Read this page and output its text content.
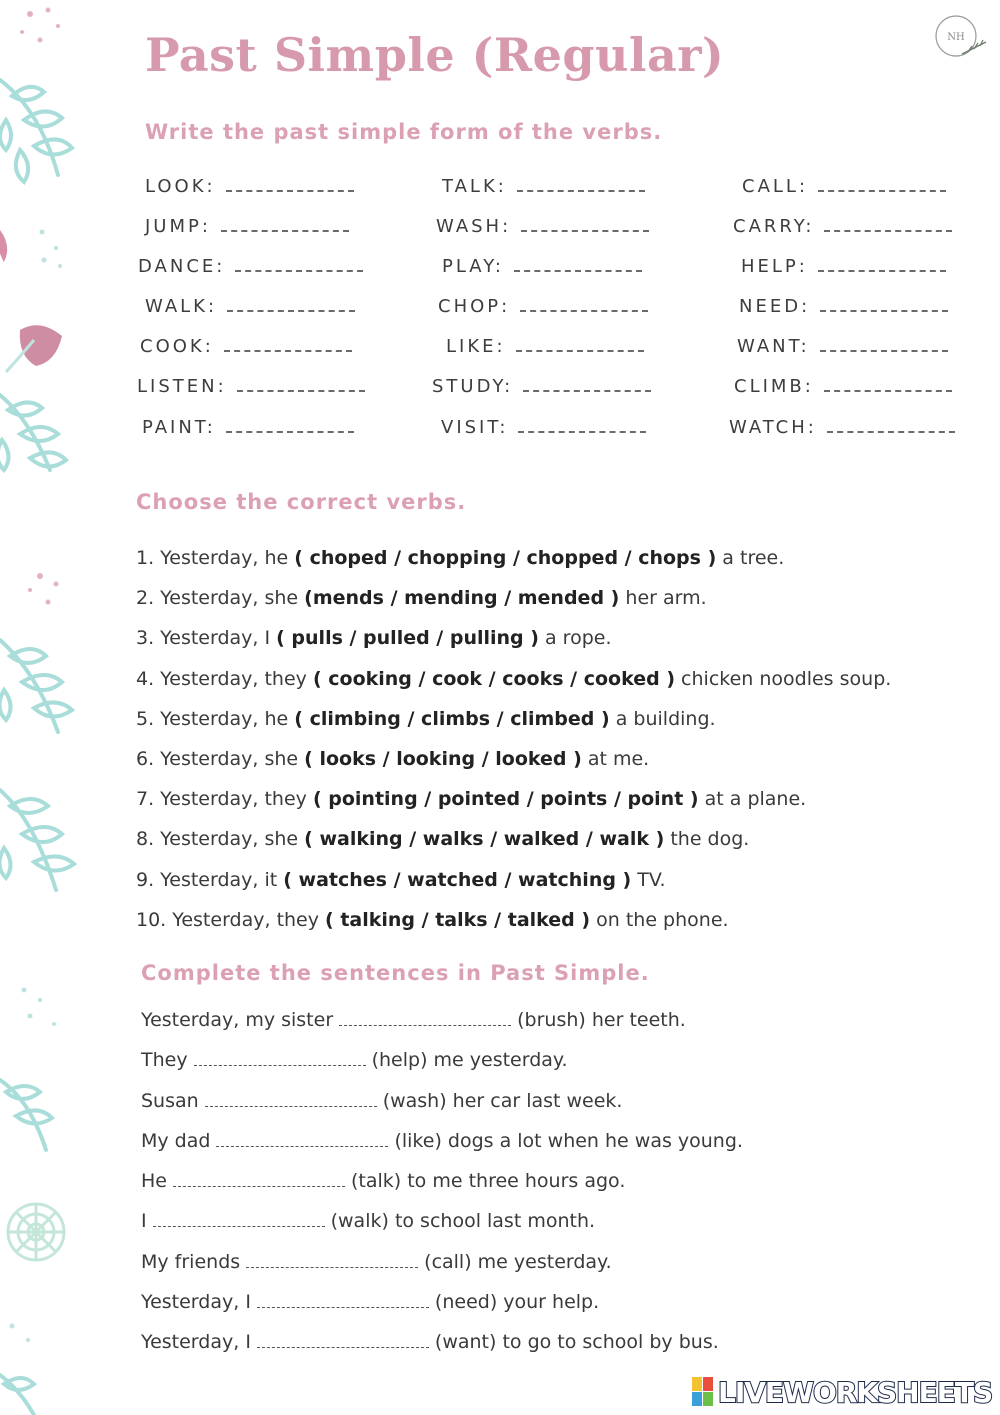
Past Simple (Regular)	NH
Write the past simple form of the verbs.
LOOK:	TALK:	CALL:
JUMP:	WASH:	CARRY:
DANCE:	PLAY:	HELP:
WALK:	CHOP:	NEED:
COOK:	LIKE:	WANT:
LISTEN:	STUDY:	CLIMB:
PAINT:	VISIT:	WATCH:
Choose the correct verbs.
1. Yesterday, he ( choped / chopping / chopped / chops ) a tree.
2. Yesterday, she (mends / mending / mended ) her arm.
3. Yesterday, I ( pulls / pulled / pulling ) a rope.
4. Yesterday, they ( cooking / cook / cooks / cooked ) chicken noodles soup.
5. Yesterday, he ( climbing / climbs / climbed ) a building.
6. Yesterday, she ( looks / looking / looked ) at me.
7. Yesterday, they ( pointing / pointed / points / point ) at a plane.
8. Yesterday, she ( walking / walks / walked / walk ) the dog.
9. Yesterday, it ( watches / watched / watching ) TV.
10. Yesterday, they ( talking / talks / talked ) on the phone.
Complete the sentences in Past Simple.
Yesterday, my sister	(brush) her teeth.
They	(help) me yesterday.
Susan	(wash) her car last week.
My dad	(like) dogs a lot when he was young.
He	(talk) to me three hours ago.
I	(walk) to school last month.
My friends	(call) me yesterday.
Yesterday, I	(need) your help.
Yesterday, I	(want) to go to school by bus.
LIVEWORKSHEETS
